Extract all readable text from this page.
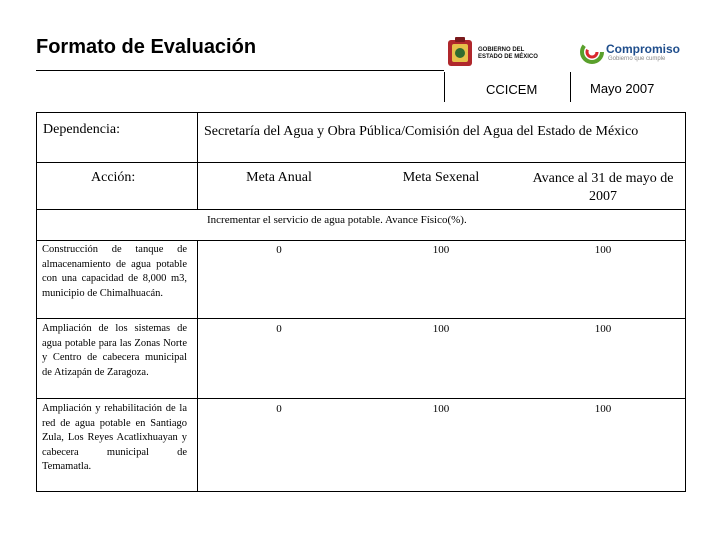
Formato de Evaluación	GOBIERNO DEL
ESTADO DE MÉXICO
Compromiso
Gobierno que cumple
CCICEM	Mayo 2007
Dependencia:	Secretaría del Agua y Obra Pública/Comisión del Agua del Estado de México
Acción:	Meta Anual	Meta Sexenal	Avance al 31 de mayo de 2007
Incrementar el servicio de agua potable. Avance Físico(%).
Construcción de tanque de almacenamiento de agua potable con una capacidad de 8,000 m3, municipio de Chimalhuacán.
0	100	100
Ampliación de los sistemas de agua potable para las Zonas Norte y Centro de cabecera municipal de Atizapán de Zaragoza.
0	100	100
Ampliación y rehabilitación de la red de agua potable en Santiago Zula, Los Reyes Acatlixhuayan y cabecera municipal de Temamatla.
0	100	100
